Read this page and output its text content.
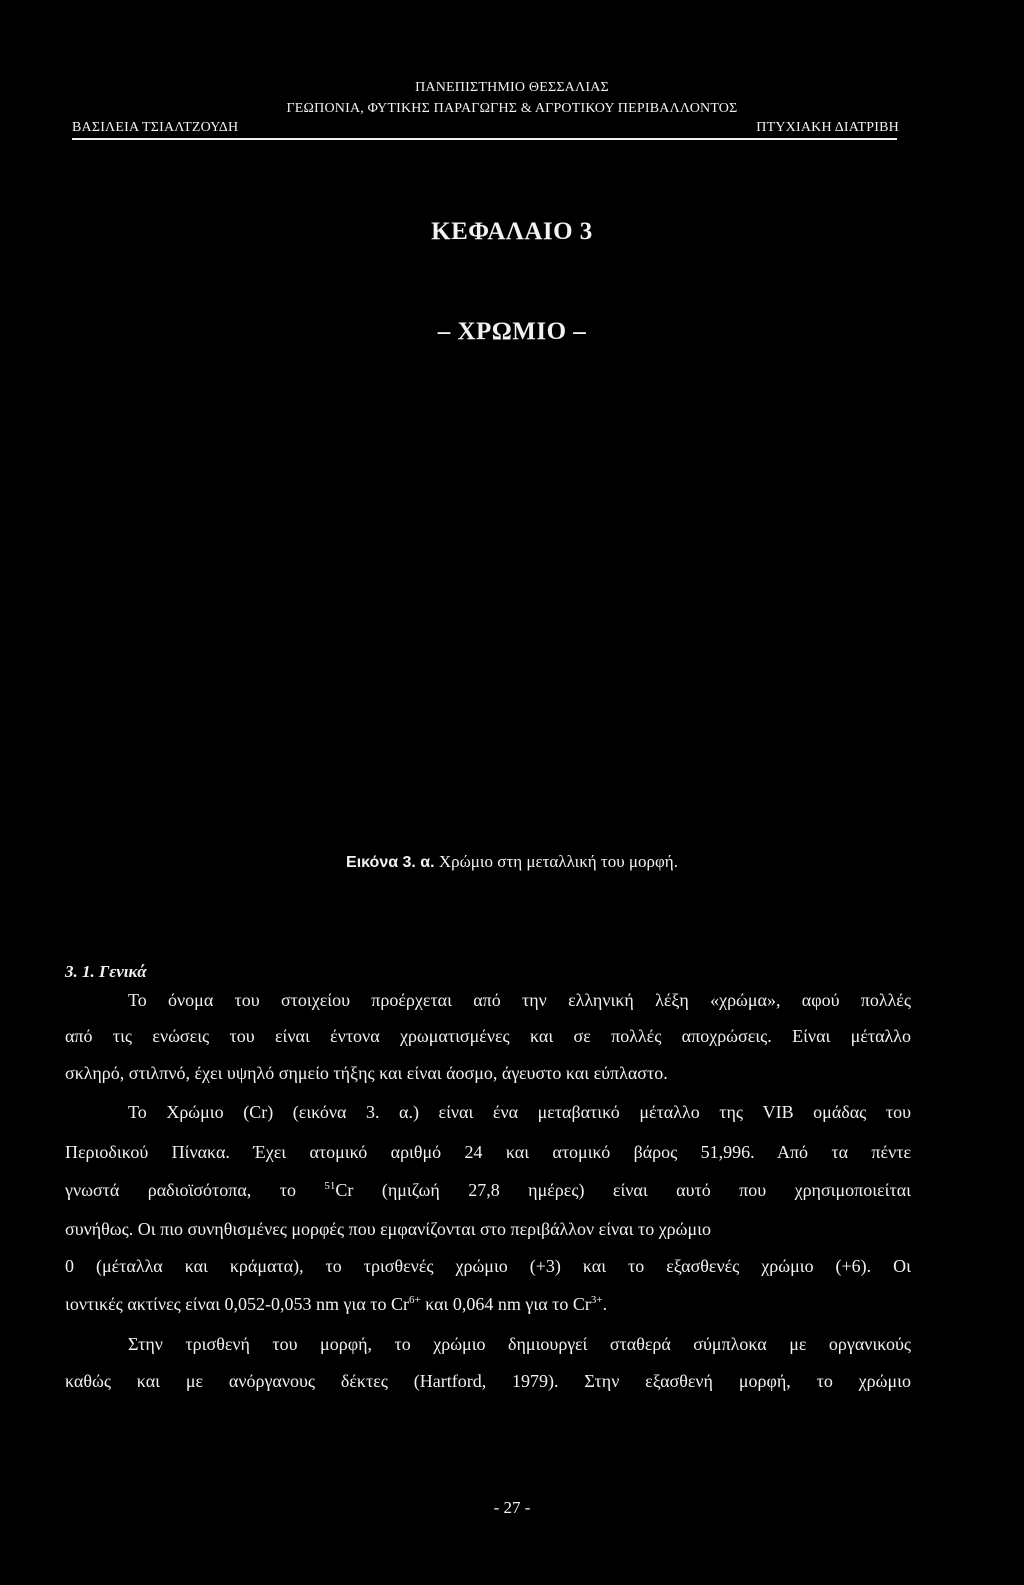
ΠΑΝΕΠΙΣΤΗΜΙΟ ΘΕΣΣΑΛΙΑΣ
ΓΕΩΠΟΝΙΑ, ΦΥΤΙΚΗΣ ΠΑΡΑΓΩΓΗΣ & ΑΓΡΟΤΙΚΟΥ ΠΕΡΙΒΑΛΛΟΝΤΟΣ
ΒΑΣΙΛΕΙΑ ΤΣΙΑΛΤΖΟΥΔΗ	ΠΤΥΧΙΑΚΗ ΔΙΑΤΡΙΒΗ
ΚΕΦΑΛΑΙΟ 3
– ΧΡΩΜΙΟ –
Εικόνα 3. α. Χρώμιο στη μεταλλική του μορφή.
3. 1. Γενικά
Το όνομα του στοιχείου προέρχεται από την ελληνική λέξη «χρώμα», αφού πολλές
από τις ενώσεις του είναι έντονα χρωματισμένες και σε πολλές αποχρώσεις. Είναι μέταλλο
σκληρό, στιλπνό, έχει υψηλό σημείο τήξης και είναι άοσμο, άγευστο και εύπλαστο.
Το Χρώμιο (Cr) (εικόνα 3. α.) είναι ένα μεταβατικό μέταλλο της VIB ομάδας του
Περιοδικού Πίνακα. Έχει ατομικό αριθμό 24 και ατομικό βάρος 51,996. Από τα πέντε
γνωστά ραδιοϊσότοπα, το $^{51}$Cr (ημιζωή 27,8 ημέρες) είναι αυτό που χρησιμοποιείται
συνήθως. Οι πιο συνηθισμένες μορφές που εμφανίζονται στο περιβάλλον είναι το χρώμιο
0 (μέταλλα και κράματα), το τρισθενές χρώμιο (+3) και το εξασθενές χρώμιο (+6). Οι
ιοντικές ακτίνες είναι 0,052-0,053 nm για το $Cr^{6+}$ και 0,064 nm για το $Cr^{3+}$.
Στην τρισθενή του μορφή, το χρώμιο δημιουργεί σταθερά σύμπλοκα με οργανικούς
καθώς και με ανόργανους δέκτες (Hartford, 1979). Στην εξασθενή μορφή, το χρώμιο
- 27 -
